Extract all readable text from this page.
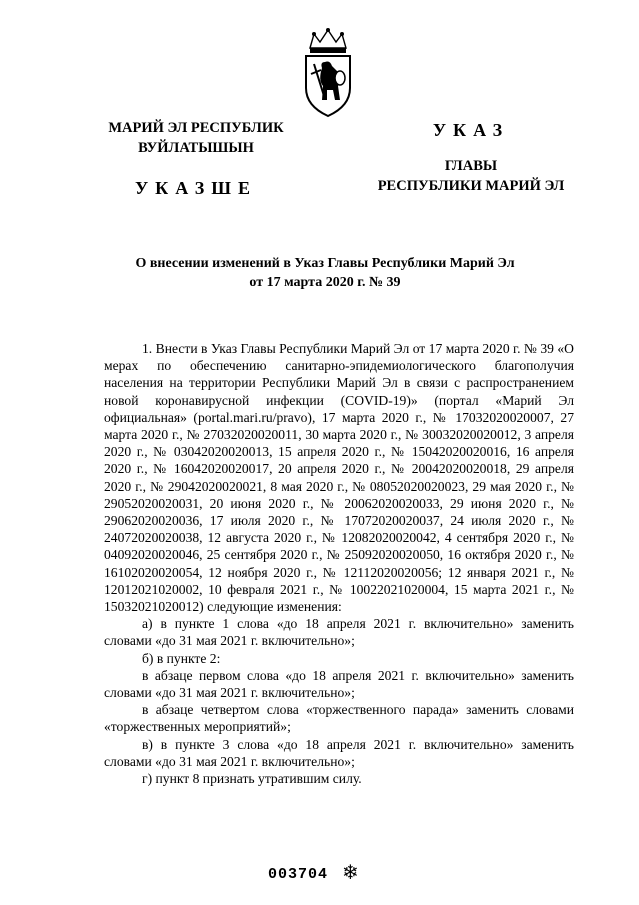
МАРИЙ ЭЛ РЕСПУБЛИК
ВУЙЛАТЫШЫН
УКАЗШЕ
УКАЗ
ГЛАВЫ
РЕСПУБЛИКИ МАРИЙ ЭЛ
О внесении изменений в Указ Главы Республики Марий Эл
от 17 марта 2020 г. № 39

1. Внести в Указ Главы Республики Марий Эл от 17 марта 2020 г. № 39 «О мерах по обеспечению санитарно-эпидемиологического благополучия населения на территории Республики Марий Эл в связи с распространением новой коронавирусной инфекции (COVID-19)» (портал «Марий Эл официальная» (portal.mari.ru/pravo), 17 марта 2020 г., № 17032020020007, 27 марта 2020 г., № 27032020020011, 30 марта 2020 г., № 30032020020012, 3 апреля 2020 г., № 03042020020013, 15 апреля 2020 г., № 15042020020016, 16 апреля 2020 г., № 16042020020017, 20 апреля 2020 г., № 20042020020018, 29 апреля 2020 г., № 29042020020021, 8 мая 2020 г., № 08052020020023, 29 мая 2020 г., № 29052020020031, 20 июня 2020 г., № 20062020020033, 29 июня 2020 г., № 29062020020036, 17 июля 2020 г., № 17072020020037, 24 июля 2020 г., № 24072020020038, 12 августа 2020 г., № 12082020020042, 4 сентября 2020 г., № 04092020020046, 25 сентября 2020 г., № 25092020020050, 16 октября 2020 г., № 16102020020054, 12 ноября 2020 г., № 12112020020056; 12 января 2021 г., № 12012021020002, 10 февраля 2021 г., № 10022021020004, 15 марта 2021 г., № 15032021020012) следующие изменения:

а) в пункте 1 слова «до 18 апреля 2021 г. включительно» заменить словами «до 31 мая 2021 г. включительно»;

б) в пункте 2:

в абзаце первом слова «до 18 апреля 2021 г. включительно» заменить словами «до 31 мая 2021 г. включительно»;

в абзаце четвертом слова «торжественного парада» заменить словами «торжественных мероприятий»;

в) в пункте 3 слова «до 18 апреля 2021 г. включительно» заменить словами «до 31 мая 2021 г. включительно»;

г) пункт 8 признать утратившим силу.

003704 ❄
